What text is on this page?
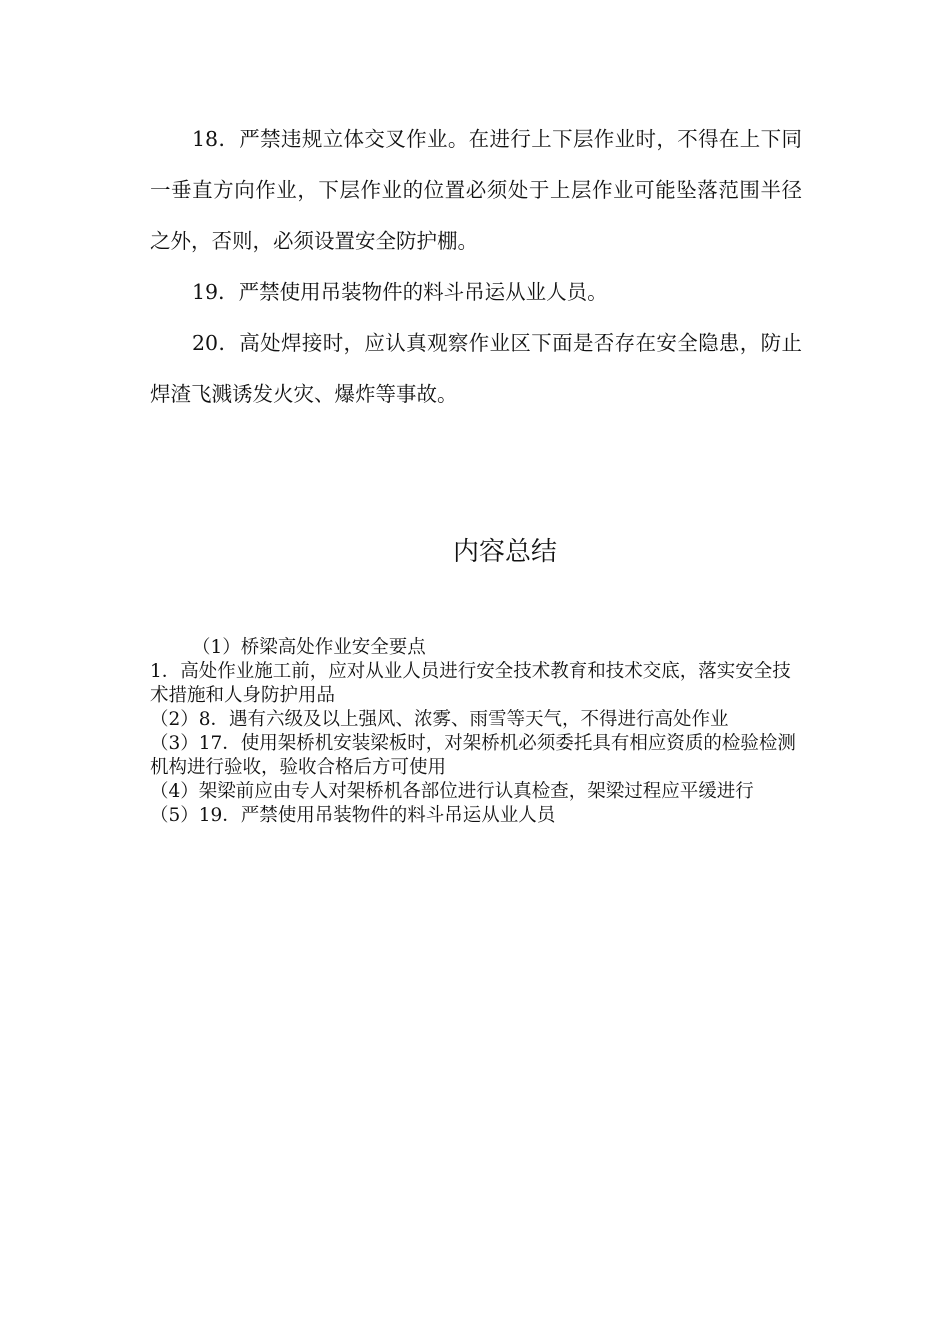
18．严禁违规立体交叉作业。在进行上下层作业时，不得在上下同一垂直方向作业，下层作业的位置必须处于上层作业可能坠落范围半径之外，否则，必须设置安全防护棚。

19．严禁使用吊装物件的料斗吊运从业人员。

20．高处焊接时，应认真观察作业区下面是否存在安全隐患，防止焊渣飞溅诱发火灾、爆炸等事故。

内容总结

（1）桥梁高处作业安全要点

1．高处作业施工前，应对从业人员进行安全技术教育和技术交底，落实安全技术措施和人身防护用品

（2）8．遇有六级及以上强风、浓雾、雨雪等天气，不得进行高处作业

（3）17．使用架桥机安装梁板时，对架桥机必须委托具有相应资质的检验检测机构进行验收，验收合格后方可使用

（4）架梁前应由专人对架桥机各部位进行认真检查，架梁过程应平缓进行

（5）19．严禁使用吊装物件的料斗吊运从业人员
